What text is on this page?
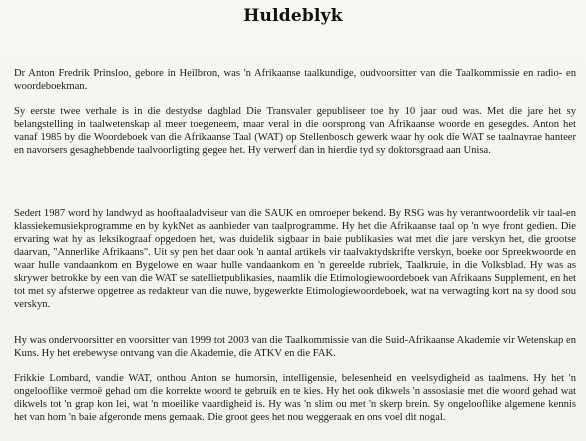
Huldeblyk

Dr Anton Fredrik Prinsloo, gebore in Heilbron, was 'n Afrikaanse taalkundige, oudvoorsitter van die Taalkommissie en radio- en woordeboekman.

Sy eerste twee verhale is in die destydse dagblad Die Transvaler gepubliseer toe hy 10 jaar oud was. Met die jare het sy belangstelling in taalwetenskap al meer toegeneem, maar veral in die oorsprong van Afrikaanse woorde en gesegdes. Anton het vanaf 1985 by die Woordeboek van die Afrikaanse Taal (WAT) op Stellenbosch gewerk waar hy ook die WAT se taalnavrae hanteer en navorsers gesaghebbende taalvoorligting gegee het. Hy verwerf dan in hierdie tyd sy doktorsgraad aan Unisa.

Sedert 1987 word hy landwyd as hooftaaladviseur van die SAUK en omroeper bekend. By RSG was hy verantwoordelik vir taal-en klassiekemusiekprogramme en by kykNet as aanbieder van taalprogramme. Hy het die Afrikaanse taal op 'n wye front gedien. Die ervaring wat hy as leksikograaf opgedoen het, was duidelik sigbaar in baie publikasies wat met die jare verskyn het, die grootse daarvan, "Annerlike Afrikaans". Uit sy pen het daar ook 'n aantal artikels vir taalvaktydskrifte verskyn, boeke oor Spreekwoorde en waar hulle vandaankom en Bygelowe en waar hulle vandaankom en 'n gereelde rubriek, Taalkruie, in die Volksblad. Hy was as skrywer betrokke by een van die WAT se satellietpublikasies, naamlik die Etimologiewoordeboek van Afrikaans Supplement, en het tot met sy afsterwe opgetree as redakteur van die nuwe, bygewerkte Etimologiewoordeboek, wat na verwagting kort na sy dood sou verskyn.

Hy was ondervoorsitter en voorsitter van 1999 tot 2003 van die Taalkommissie van die Suid-Afrikaanse Akademie vir Wetenskap en Kuns. Hy het erebewyse ontvang van die Akademie, die ATKV en die FAK.

Frikkie Lombard, vandie WAT, onthou Anton se humorsin, intelligensie, belesenheid en veelsydigheid as taalmens. Hy het 'n ongelooflike vermoë gehad om die korrekte woord te gebruik en te kies. Hy het ook dikwels 'n assosiasie met die woord gehad wat dikwels tot 'n grap kon lei, wat 'n moeilike vaardigheid is. Hy was 'n slim ou met 'n skerp brein. Sy ongelooflike algemene kennis het van hom 'n baie afgeronde mens gemaak. Die groot gees het nou weggeraak en ons voel dit nogal.
